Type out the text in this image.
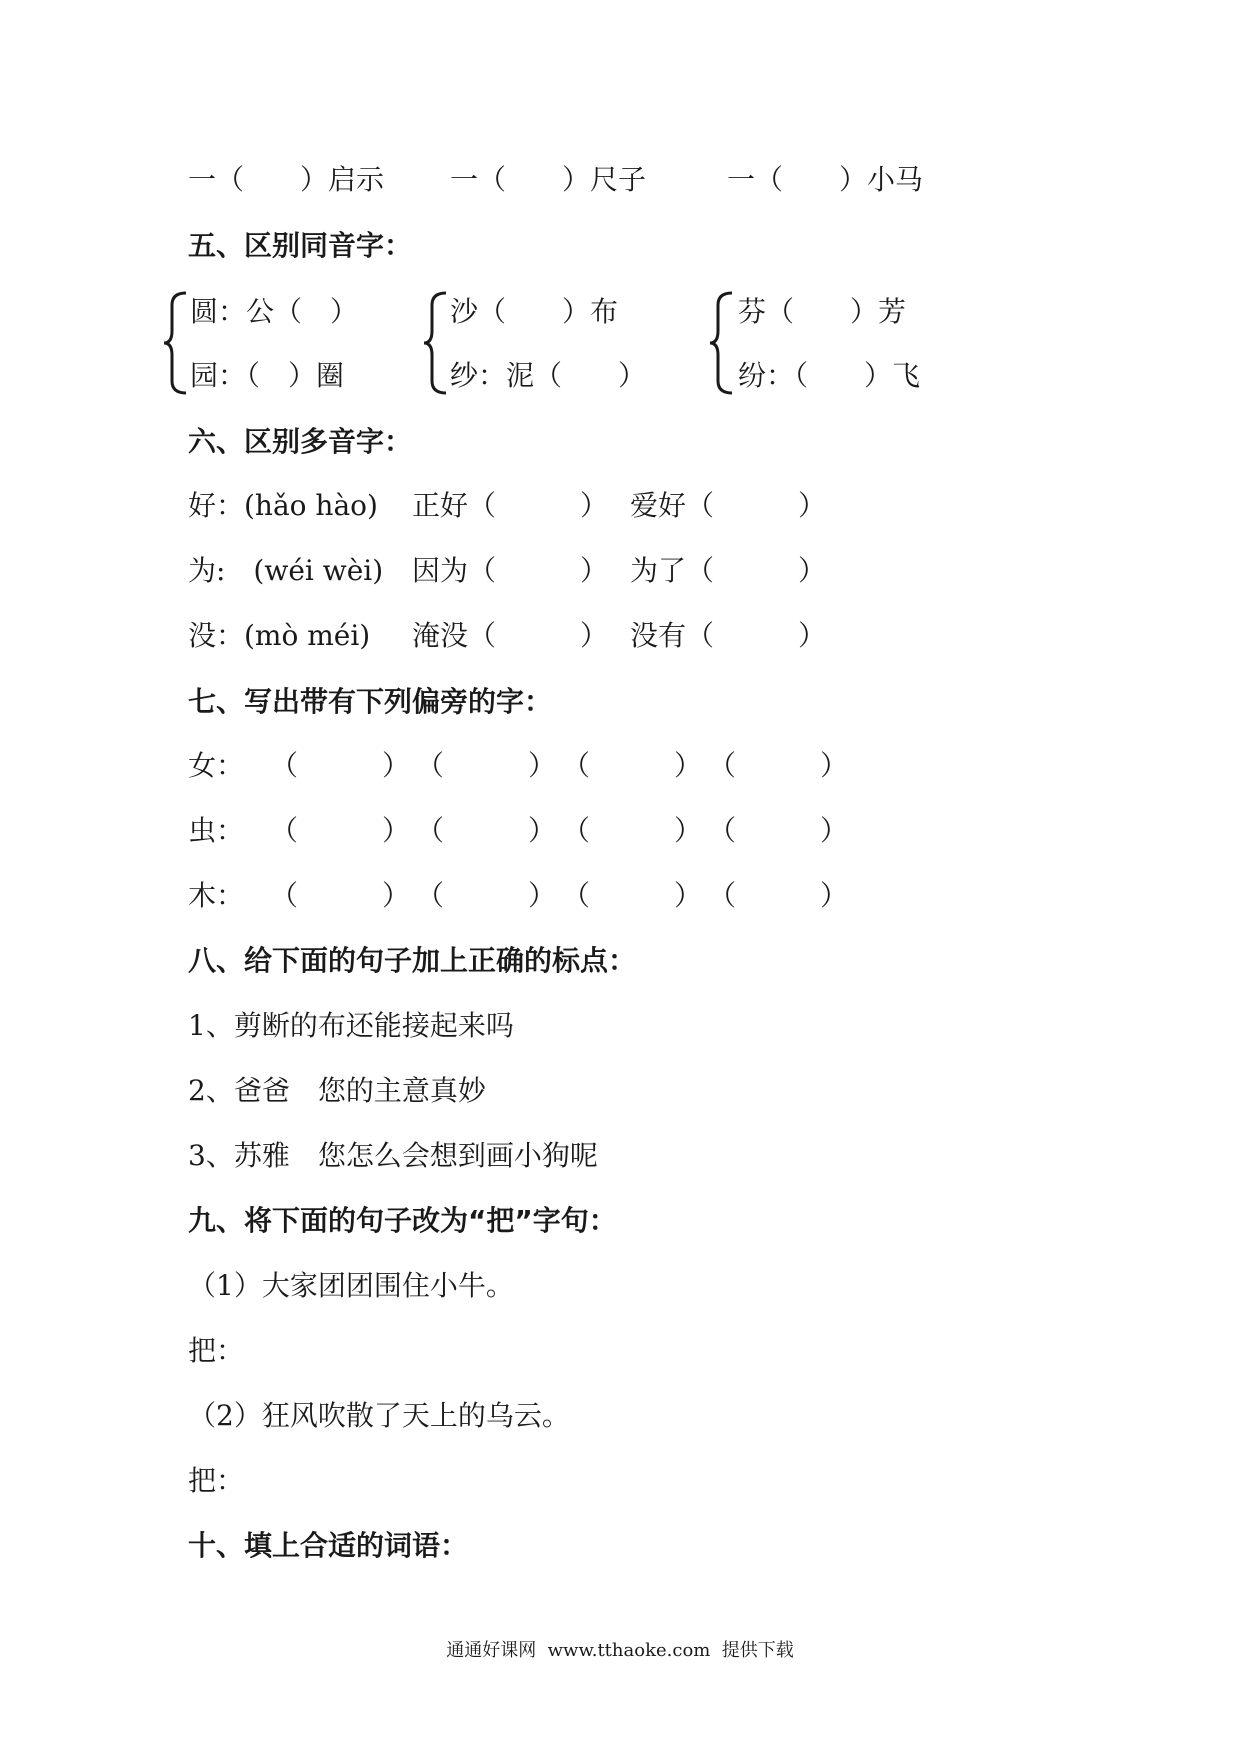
一（　　）启示 一（　　）尺子	一（　　）小马
五、区别同音字：
圆：公（　）
园：（　）圈
沙（　　）布
纱：泥（　　）
芬（　　）芳
纷：（　　）飞
六、区别多音字：
好：(hǎo hào) 正好（　　　） 爱好（　　　）
为:　(wéi wèi) 因为（　　　） 为了（　　　）
没：(mò méi) 淹没（　　　） 没有（　　　）
七、写出带有下列偏旁的字：
女： （　　　） （　　　） （　　　） （　　　）
虫： （　　　） （　　　） （　　　） （　　　）
木： （　　　） （　　　） （　　　） （　　　）
八、给下面的句子加上正确的标点：
1、剪断的布还能接起来吗
2、爸爸　您的主意真妙
3、苏雅　您怎么会想到画小狗呢
九、将下面的句子改为“把”字句：
（1）大家团团围住小牛。
把：
（2）狂风吹散了天上的乌云。
把：
十、填上合适的词语：
通通好课网  www.tthaoke.com  提供下载
